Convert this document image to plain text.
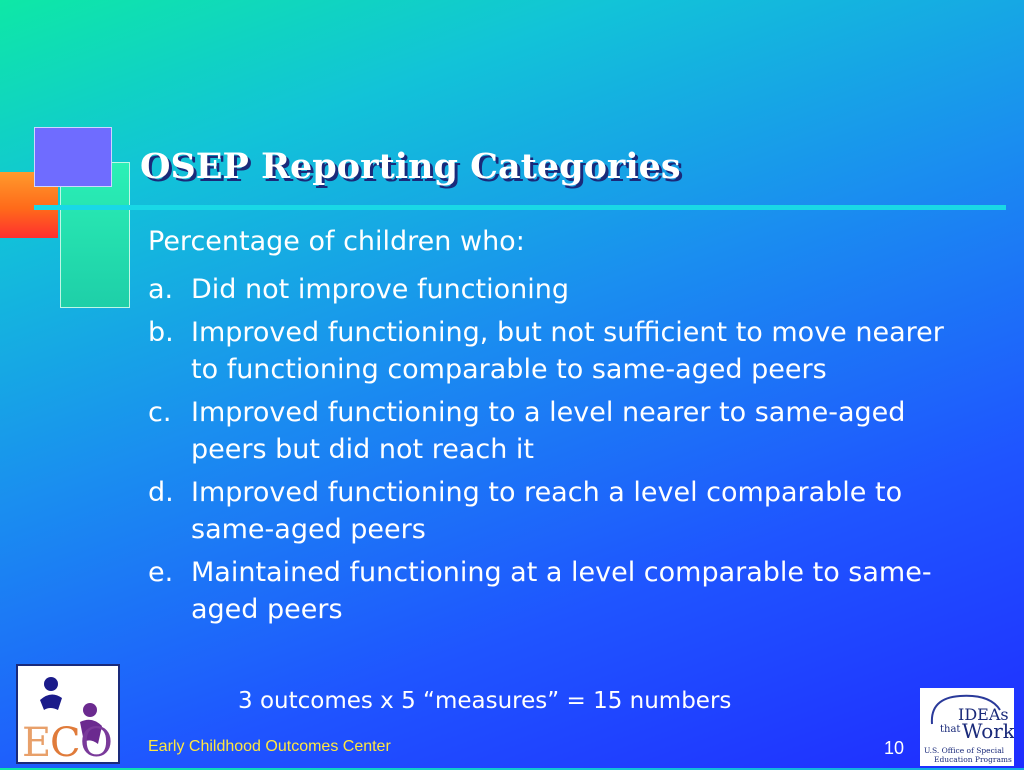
OSEP Reporting Categories
Percentage of children who:
a. Did not improve functioning
b. Improved functioning, but not sufficient to move nearer to functioning comparable to same-aged peers
c. Improved functioning to a level nearer to same-aged peers but did not reach it
d. Improved functioning to reach a level comparable to same-aged peers
e. Maintained functioning at a level comparable to same-aged peers
3 outcomes x 5 “measures” = 15 numbers
E
C O
IDEAs
that Work
U.S. Office of Special
Education Programs
Early Childhood Outcomes Center	10
